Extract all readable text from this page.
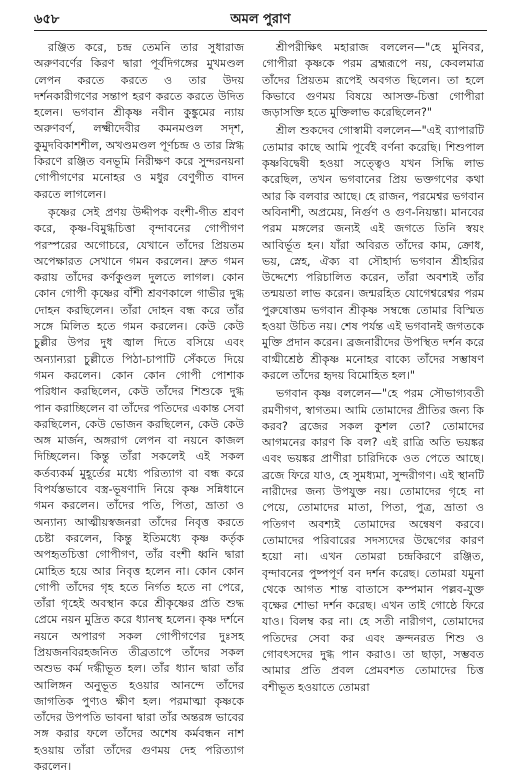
৬৫৮	অমল পুরাণ

রঞ্জিত করে, চন্দ্র তেমনি তার সুধারাজ অরুণবর্ণের কিরণ দ্বারা পূর্বদিগঙ্গের মুখমণ্ডল লেপন করতে করতে ও তার উদয় দর্শনকারীগণের সন্তাপ হরণ করতে করতে উদিত হলেন। ভগবান শ্রীকৃষ্ণ নবীন কুঙ্কুমের ন্যায় অরুণবর্ণ, লক্ষ্মীদেবীর কমনমণ্ডল সদৃশ, কুমুদবিকাশশীল, অখণ্ডমণ্ডল পূর্ণচন্দ্র ও তার স্নিগ্ধ কিরণে রঞ্জিত বনভূমি নিরীক্ষণ করে সুন্দরনয়না গোপীগণের মনোহর ও মধুর বেণুগীত বাদন করতে লাগলেন।

কৃষ্ণের সেই প্রণয় উদ্দীপক বংশী-গীত শ্রবণ করে, কৃষ্ণ-বিমুগ্ধচিত্তা বৃন্দাবনের গোপীগণ পরস্পরের অগোচরে, যেখানে তাঁদের প্রিয়তম অপেক্ষারত সেখানে গমন করলেন। দ্রুত গমন করায় তাঁদের কর্ণকুণ্ডল দুলতে লাগল। কোন কোন গোপী কৃষ্ণের বাঁশী শ্রবণকালে গাভীর দুগ্ধ দোহন করছিলেন। তাঁরা দোহন বন্ধ করে তাঁর সঙ্গে মিলিত হতে গমন করলেন। কেউ কেউ চুল্লীর উপর দুধ জ্বাল দিতে বসিয়ে এবং অন্যান্যরা চুল্লীতে পিঠা-চাপাটি সেঁকতে দিয়ে গমন করলেন। কোন কোন গোপী পোশাক পরিধান করছিলেন, কেউ তাঁদের শিশুকে দুগ্ধ পান করাচ্ছিলেন বা তাঁদের পতিদের একান্ত সেবা করছিলেন, কেউ ভোজন করছিলেন, কেউ কেউ অঙ্গ মার্জন, অঙ্গরাগ লেপন বা নয়নে কাজল দিচ্ছিলেন। কিন্তু তাঁরা সকলেই এই সকল কর্তব্যকর্ম মুহূর্তের মধ্যে পরিত্যাগ বা বন্ধ করে বিপর্যস্তভাবে বস্ত্র-ভূষণাদি নিয়ে কৃষ্ণ সন্নিধানে গমন করলেন। তাঁদের পতি, পিতা, ভ্রাতা ও অন্যান্য আত্মীয়স্বজনরা তাঁদের নিবৃত্ত করতে চেষ্টা করলেন, কিন্তু ইতিমধ্যে কৃষ্ণ কর্তৃক অপহৃতচিত্তা গোপীগণ, তাঁর বংশী ধ্বনি দ্বারা মোহিত হয়ে আর নিবৃত্ত হলেন না। কোন কোন গোপী তাঁদের গৃহ হতে নির্গত হতে না পেরে, তাঁরা গৃহেই অবস্থান করে শ্রীকৃষ্ণের প্রতি শুদ্ধ প্রেমে নয়ন মুদ্রিত করে ধ্যানস্থ হলেন। কৃষ্ণ দর্শনে নয়নে অপারগ সকল গোপীগণের দুঃসহ প্রিয়জনবিরহজনিত তীব্রতাপে তাঁদের সকল অশুভ কর্ম দগ্ধীভূত হল। তাঁর ধ্যান দ্বারা তাঁর আলিঙ্গন অনুভূত হওয়ার আনন্দে তাঁদের জাগতিক পুণ্যও ক্ষীণ হল। পরমাত্মা কৃষ্ণকে তাঁদের উপপতি ভাবনা দ্বারা তাঁর অন্তরঙ্গ ভাবের সঙ্গ করার ফলে তাঁদের অশেষ কর্মবন্ধন নাশ হওয়ায় তাঁরা তাঁদের গুণময় দেহ পরিত্যাগ করলেন।

শ্রীপরীক্ষিৎ মহারাজ বললেন—"হে মুনিবর, গোপীরা কৃষ্ণকে পরম ব্রহ্মরূপে নয়, কেবলমাত্র তাঁদের প্রিয়তম রূপেই অবগত ছিলেন। তা হলে কিভাবে গুণময় বিষয়ে আসক্ত-চিত্তা গোপীরা জড়াসক্তি হতে মুক্তিলাভ করেছিলেন?"

শ্রীল শুকদেব গোস্বামী বললেন—"এই ব্যাপারটি তোমার কাছে আমি পূর্বেই বর্ণনা করেছি। শিশুপাল কৃষ্ণবিদ্বেষী হওয়া সত্ত্বেও যখন সিদ্ধি লাভ করেছিল, তখন ভগবানের প্রিয় ভক্তগণের কথা আর কি বলবার আছে। হে রাজন, পরমেশ্বর ভগবান অবিনাশী, অপ্রমেয়, নির্গুণ ও গুণ-নিয়ন্তা। মানবের পরম মঙ্গলের জন্যই এই জগতে তিনি স্বয়ং আবির্ভূত হন। যাঁরা অবিরত তাঁদের কাম, ক্রোধ, ভয়, স্নেহ, ঐক্য বা সৌহার্দ্য ভগবান শ্রীহরির উদ্দেশ্যে পরিচালিত করেন, তাঁরা অবশ্যই তাঁর তন্ময়তা লাভ করেন। জন্মরহিত যোগেশ্বরেশ্বর পরম পুরুষোত্তম ভগবান শ্রীকৃষ্ণ সম্বন্ধে তোমার বিস্মিত হওয়া উচিত নয়। শেষ পর্যন্ত এই ভগবানই জগতকে মুক্তি প্রদান করেন। ব্রজনারীদের উপস্থিত দর্শন করে বাগ্মীশ্রেষ্ঠ শ্রীকৃষ্ণ মনোহর বাক্যে তাঁদের সম্ভাষণ করলে তাঁদের হৃদয় বিমোহিত হল।"

ভগবান কৃষ্ণ বললেন—"হে পরম সৌভাগ্যবতী রমণীগণ, স্বাগতম। আমি তোমাদের প্রীতির জন্য কি করব? ব্রজের সকল কুশল তো? তোমাদের আগমনের কারণ কি বল? এই রাত্রি অতি ভয়ঙ্কর এবং ভয়ঙ্কর প্রাণীরা চারিদিকে ওত পেতে আছে। ব্রজে ফিরে যাও, হে সুমধ্যমা, সুন্দরীগণ। এই স্থানটি নারীদের জন্য উপযুক্ত নয়। তোমাদের গৃহে না পেয়ে, তোমাদের মাতা, পিতা, পুত্র, ভ্রাতা ও পতিগণ অবশ্যই তোমাদের অন্বেষণ করবে। তোমাদের পরিবারের সদস্যদের উদ্বেগের কারণ হয়ো না। এখন তোমরা চন্দ্রকিরণে রঞ্জিত, বৃন্দাবনের পুষ্পপূর্ণ বন দর্শন করেছ। তোমরা যমুনা থেকে আগত শান্ত বাতাসে কম্পমান পল্লব-যুক্ত বৃক্ষের শোভা দর্শন করেছ। এখন তাই গোষ্ঠে ফিরে যাও। বিলম্ব কর না। হে সতী নারীগণ, তোমাদের পতিদের সেবা কর এবং ক্রন্দনরত শিশু ও গোবৎসদের দুগ্ধ পান করাও। তা ছাড়া, সম্ভবত আমার প্রতি প্রবল প্রেমবশত তোমাদের চিত্ত বশীভূত হওয়াতে তোমরা
